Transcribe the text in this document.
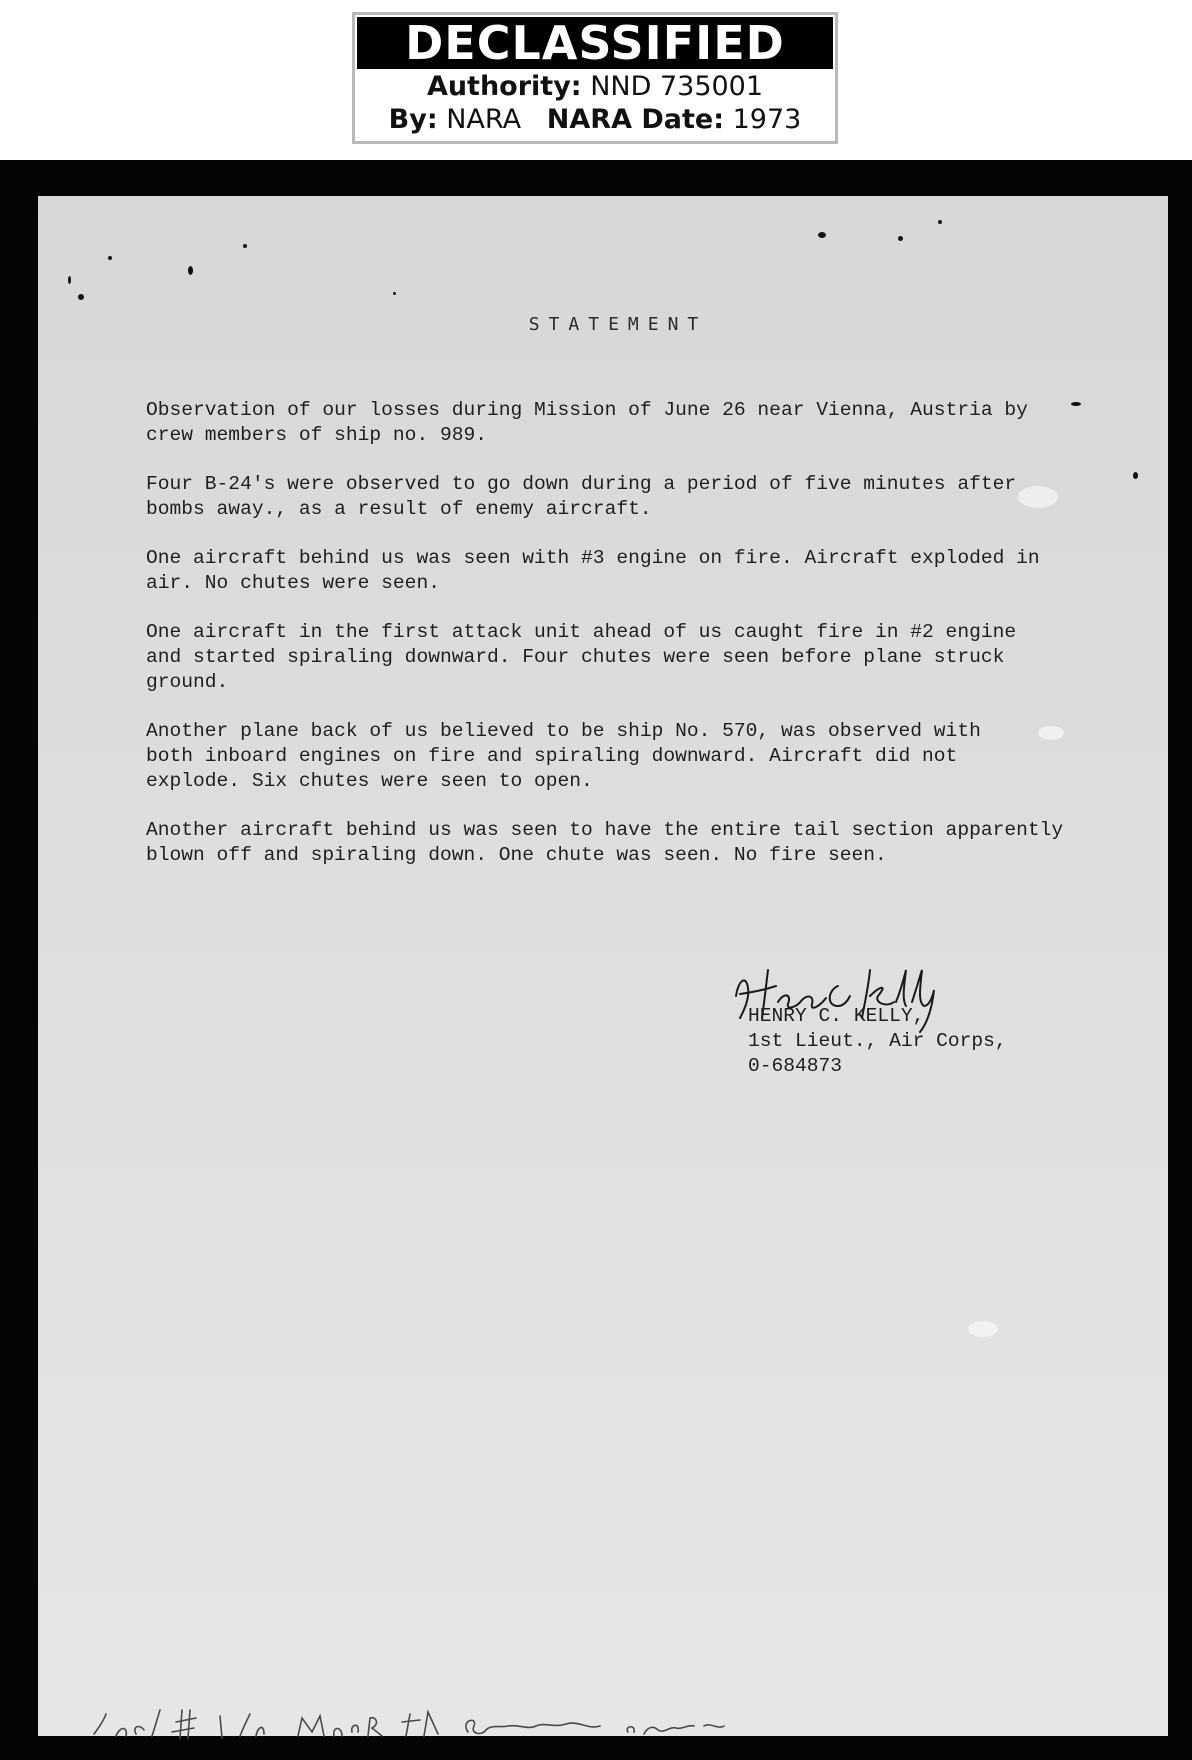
DECLASSIFIED
Authority: NND 735001
By: NARA NARA Date: 1973
STATEMENT
Observation of our losses during Mission of June 26 near Vienna, Austria by
crew members of ship no. 989.
Four B-24's were observed to go down during a period of five minutes after
bombs away., as a result of enemy aircraft.
One aircraft behind us was seen with #3 engine on fire. Aircraft exploded in
air. No chutes were seen.
One aircraft in the first attack unit ahead of us caught fire in #2 engine
and started spiraling downward. Four chutes were seen before plane struck
ground.
Another plane back of us believed to be ship No. 570, was observed with
both inboard engines on fire and spiraling downward. Aircraft did not
explode. Six chutes were seen to open.
Another aircraft behind us was seen to have the entire tail section apparently
blown off and spiraling down. One chute was seen. No fire seen.
HENRY C. KELLY,
1st Lieut., Air Corps,
0-684873
